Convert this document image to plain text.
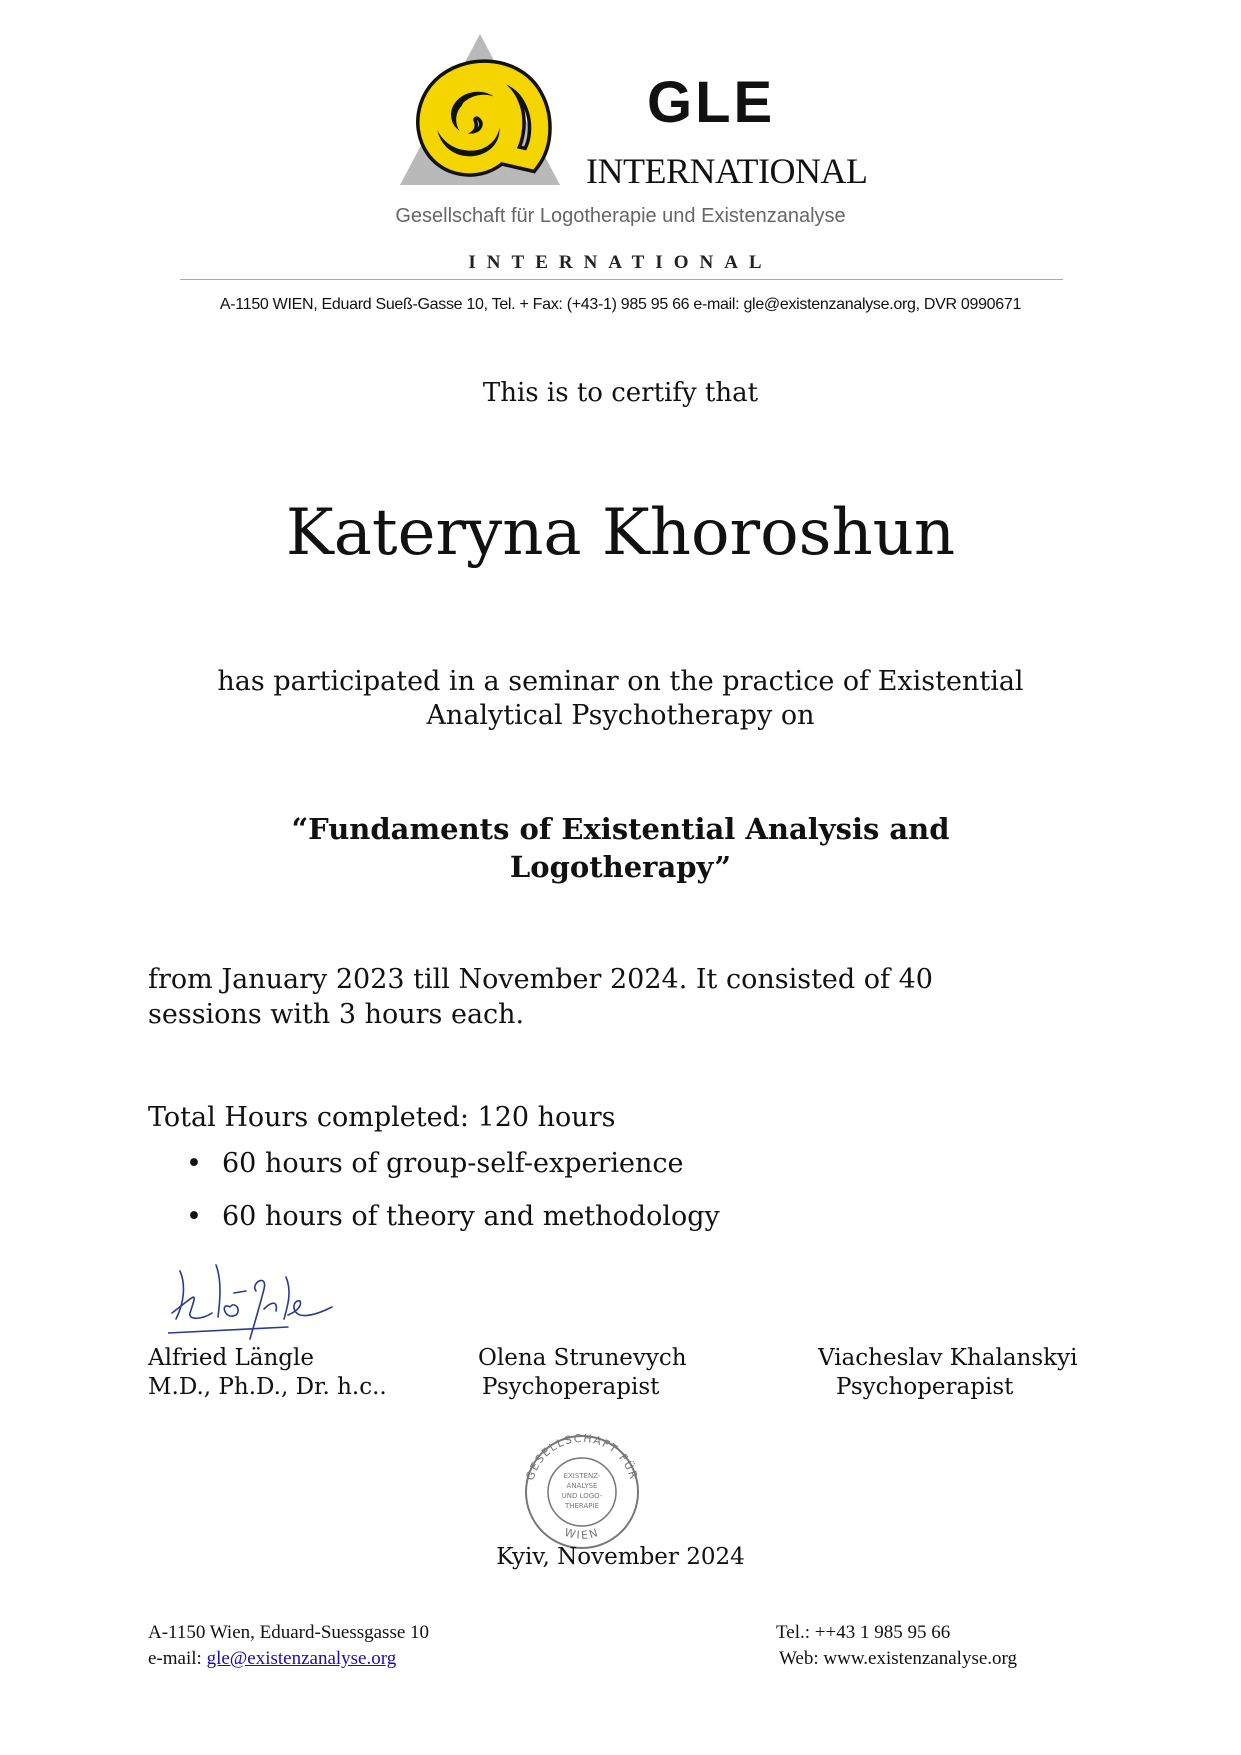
GLE
INTERNATIONAL
Gesellschaft für Logotherapie und Existenzanalyse
INTERNATIONAL
A-1150 WIEN, Eduard Sueß-Gasse 10, Tel. + Fax: (+43-1) 985 95 66 e-mail: gle@existenzanalyse.org, DVR 0990671
This is to certify that
Kateryna Khoroshun
has participated in a seminar on the practice of Existential
Analytical Psychotherapy on
“Fundaments of Existential Analysis and
Logotherapy”
from January 2023 till November 2024. It consisted of 40
sessions with 3 hours each.
Total Hours completed: 120 hours
• 60 hours of group-self-experience
• 60 hours of theory and methodology
Alfried Längle
M.D., Ph.D., Dr. h.c..
Olena Strunevych
Psychoperapist
Viacheslav Khalanskyi
Psychoperapist
GESELLSCHAFT FÜR
WIEN
EXISTENZ-
ANALYSE
UND LOGO-
THERAPIE
Kyiv, November 2024
A-1150 Wien, Eduard-Suessgasse 10
e-mail: gle@existenzanalyse.org
Tel.: ++43 1 985 95 66
Web: www.existenzanalyse.org
